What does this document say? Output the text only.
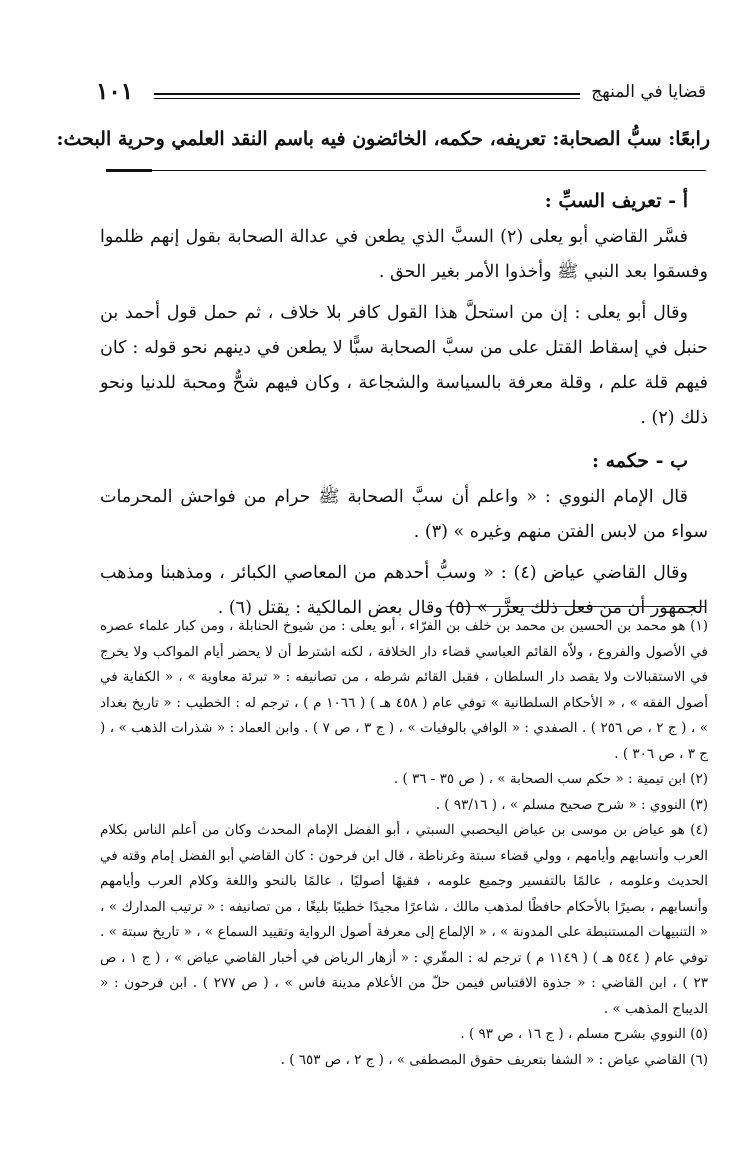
قضايا في المنهج
١٠١
رابعًا: سبُّ الصحابة: تعريفه، حكمه، الخائضون فيه باسم النقد العلمي وحرية البحث:
أ - تعريف السبِّ :

فسَّر القاضي أبو يعلى (٢) السبَّ الذي يطعن في عدالة الصحابة بقول إنهم ظلموا وفسقوا بعد النبي ﷺ وأخذوا الأمر بغير الحق .

وقال أبو يعلى : إن من استحلَّ هذا القول كافر بلا خلاف ، ثم حمل قول أحمد بن حنبل في إسقاط القتل على من سبَّ الصحابة سبًّا لا يطعن في دينهم نحو قوله : كان فيهم قلة علم ، وقلة معرفة بالسياسة والشجاعة ، وكان فيهم شحٌّ ومحبة للدنيا ونحو ذلك (٢) .

ب - حكمه :

قال الإمام النووي : « واعلم أن سبَّ الصحابة ﷺ حرام من فواحش المحرمات سواء من لابس الفتن منهم وغيره » (٣) .

وقال القاضي عياض (٤) : « وسبُّ أحدهم من المعاصي الكبائر ، ومذهبنا ومذهب الجمهور أن من فعل ذلك يعزَّر » (٥) وقال بعض المالكية : يقتل (٦) .

(١) هو محمد بن الحسين بن محمد بن خلف بن الفرّاء ، أبو يعلى : من شيوخ الحنابلة ، ومن كبار علماء عصره في الأصول والفروع ، ولاّه القائم العباسي قضاء دار الخلافة ، لكنه اشترط أن لا يحضر أيام المواكب ولا يخرج في الاستقبالات ولا يقصد دار السلطان ، فقبل القائم شرطه ، من تصانيفه : « تبرئة معاوية » ، « الكفاية في أصول الفقه » ، « الأحكام السلطانية » توفي عام ( ٤٥٨ هـ ) ( ١٠٦٦ م ) ، ترجم له : الخطيب : « تاريخ بغداد » ، ( ج ٢ ، ص ٢٥٦ ) . الصفدي : « الوافي بالوفيات » ، ( ج ٣ ، ص ٧ ) . وابن العماد : « شذرات الذهب » ، ( ج ٣ ، ص ٣٠٦ ) .

(٢) ابن تيمية : « حكم سب الصحابة » ، ( ص ٣٥ - ٣٦ ) .

(٣) النووي : « شرح صحيح مسلم » ، ( ٩٣/١٦ ) .

(٤) هو عياض بن موسى بن عياض اليحصبي السبتي ، أبو الفضل الإمام المحدث وكان من أعلم الناس بكلام العرب وأنسابهم وأيامهم ، وولي قضاء سبتة وغرناطة ، قال ابن فرحون : كان القاضي أبو الفضل إمام وقته في الحديث وعلومه ، عالمًا بالتفسير وجميع علومه ، فقيهًا أصوليًا ، عالمًا بالنحو واللغة وكلام العرب وأيامهم وأنسابهم ، بصيرًا بالأحكام حافظًا لمذهب مالك ، شاعرًا مجيدًا خطيبًا بليغًا ، من تصانيفه : « ترتيب المدارك » ، « التنبيهات المستنبطة على المدونة » ، « الإلماع إلى معرفة أصول الرواية وتقييد السماع » ، « تاريخ سبتة » . توفي عام ( ٥٤٤ هـ ) ( ١١٤٩ م ) ترجم له : المقّري : « أزهار الرياض في أخبار القاضي عياض » ، ( ج ١ ، ص ٢٣ ) ، ابن القاضي : « جذوة الاقتباس فيمن حلّ من الأعلام مدينة فاس » ، ( ص ٢٧٧ ) . ابن فرحون : « الديباج المذهب » .

(٥) النووي بشرح مسلم ، ( ج ١٦ ، ص ٩٣ ) .

(٦) القاضي عياض : « الشفا بتعريف حقوق المصطفى » ، ( ج ٢ ، ص ٦٥٣ ) .
